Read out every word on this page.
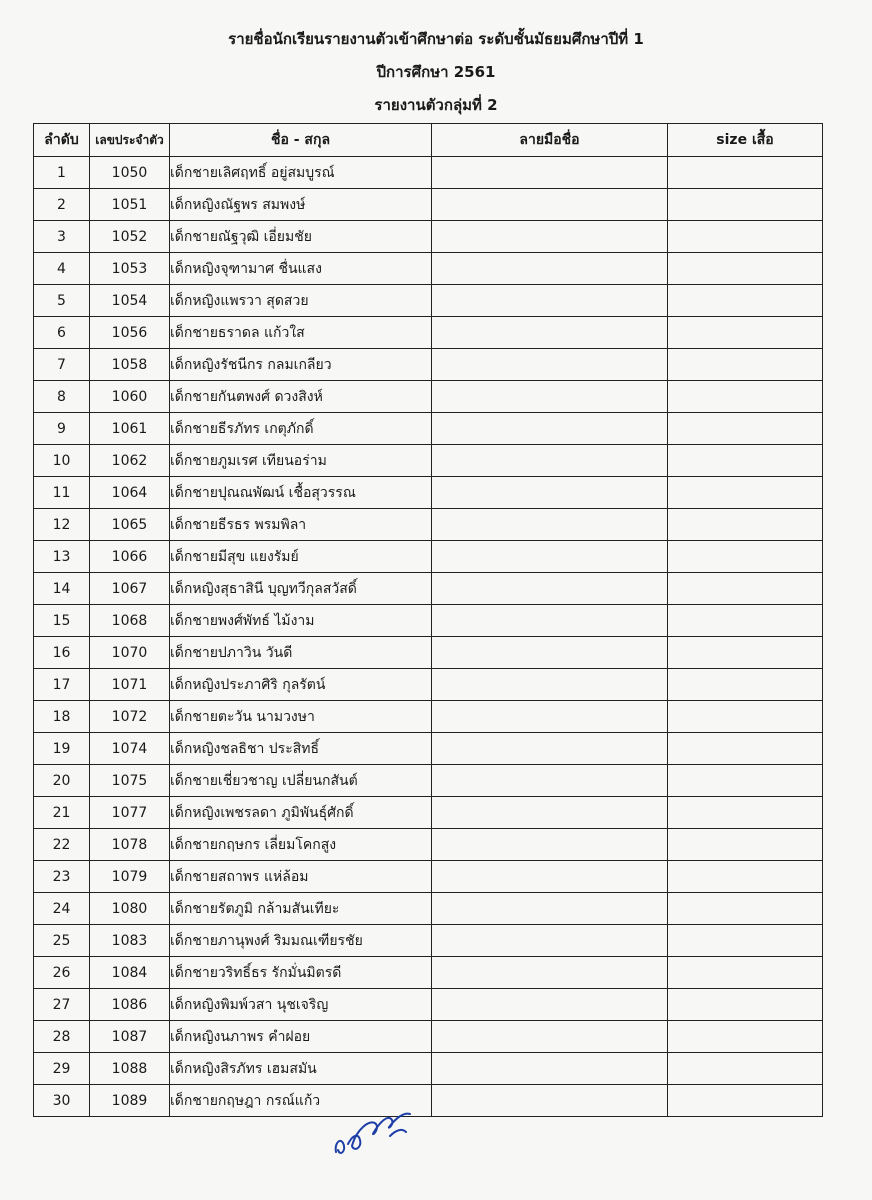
รายชื่อนักเรียนรายงานตัวเข้าศึกษาต่อ ระดับชั้นมัธยมศึกษาปีที่ 1
ปีการศึกษา 2561
รายงานตัวกลุ่มที่ 2
ลำดับ	เลขประจำตัว	ชื่อ - สกุล	ลายมือชื่อ	size เสื้อ
1	1050	เด็กชายเลิศฤทธิ์ อยู่สมบูรณ์		
2	1051	เด็กหญิงณัฐพร สมพงษ์		
3	1052	เด็กชายณัฐวุฒิ เอี่ยมชัย		
4	1053	เด็กหญิงจุฑามาศ ชื่นแสง		
5	1054	เด็กหญิงแพรวา สุดสวย		
6	1056	เด็กชายธราดล แก้วใส		
7	1058	เด็กหญิงรัชนีกร กลมเกลียว		
8	1060	เด็กชายกันตพงศ์ ดวงสิงห์		
9	1061	เด็กชายธีรภัทร เกตุภักดิ์		
10	1062	เด็กชายภูมเรศ เทียนอร่าม		
11	1064	เด็กชายปุณณพัฒน์ เชื้อสุวรรณ		
12	1065	เด็กชายธีรธร พรมพิลา		
13	1066	เด็กชายมีสุข แยงรัมย์		
14	1067	เด็กหญิงสุธาสินี บุญทวีกุลสวัสดิ์		
15	1068	เด็กชายพงศ์พัทธ์ ไม้งาม		
16	1070	เด็กชายปภาวิน วันดี		
17	1071	เด็กหญิงประภาศิริ กุลรัตน์		
18	1072	เด็กชายตะวัน นามวงษา		
19	1074	เด็กหญิงชลธิชา ประสิทธิ์		
20	1075	เด็กชายเชี่ยวชาญ เปลี่ยนกสันต์		
21	1077	เด็กหญิงเพชรลดา ภูมิพันธุ์ศักดิ์		
22	1078	เด็กชายกฤษกร เลี่ยมโคกสูง		
23	1079	เด็กชายสถาพร แห่ล้อม		
24	1080	เด็กชายรัตภูมิ กล้ามสันเทียะ		
25	1083	เด็กชายภานุพงศ์ ริมมณเฑียรชัย		
26	1084	เด็กชายวริทธิ์ธร รักมั่นมิตรดี		
27	1086	เด็กหญิงพิมพ์วสา นุชเจริญ		
28	1087	เด็กหญิงนภาพร คำฝอย		
29	1088	เด็กหญิงสิรภัทร เฮมสมัน		
30	1089	เด็กชายกฤษฎา กรณ์แก้ว		
